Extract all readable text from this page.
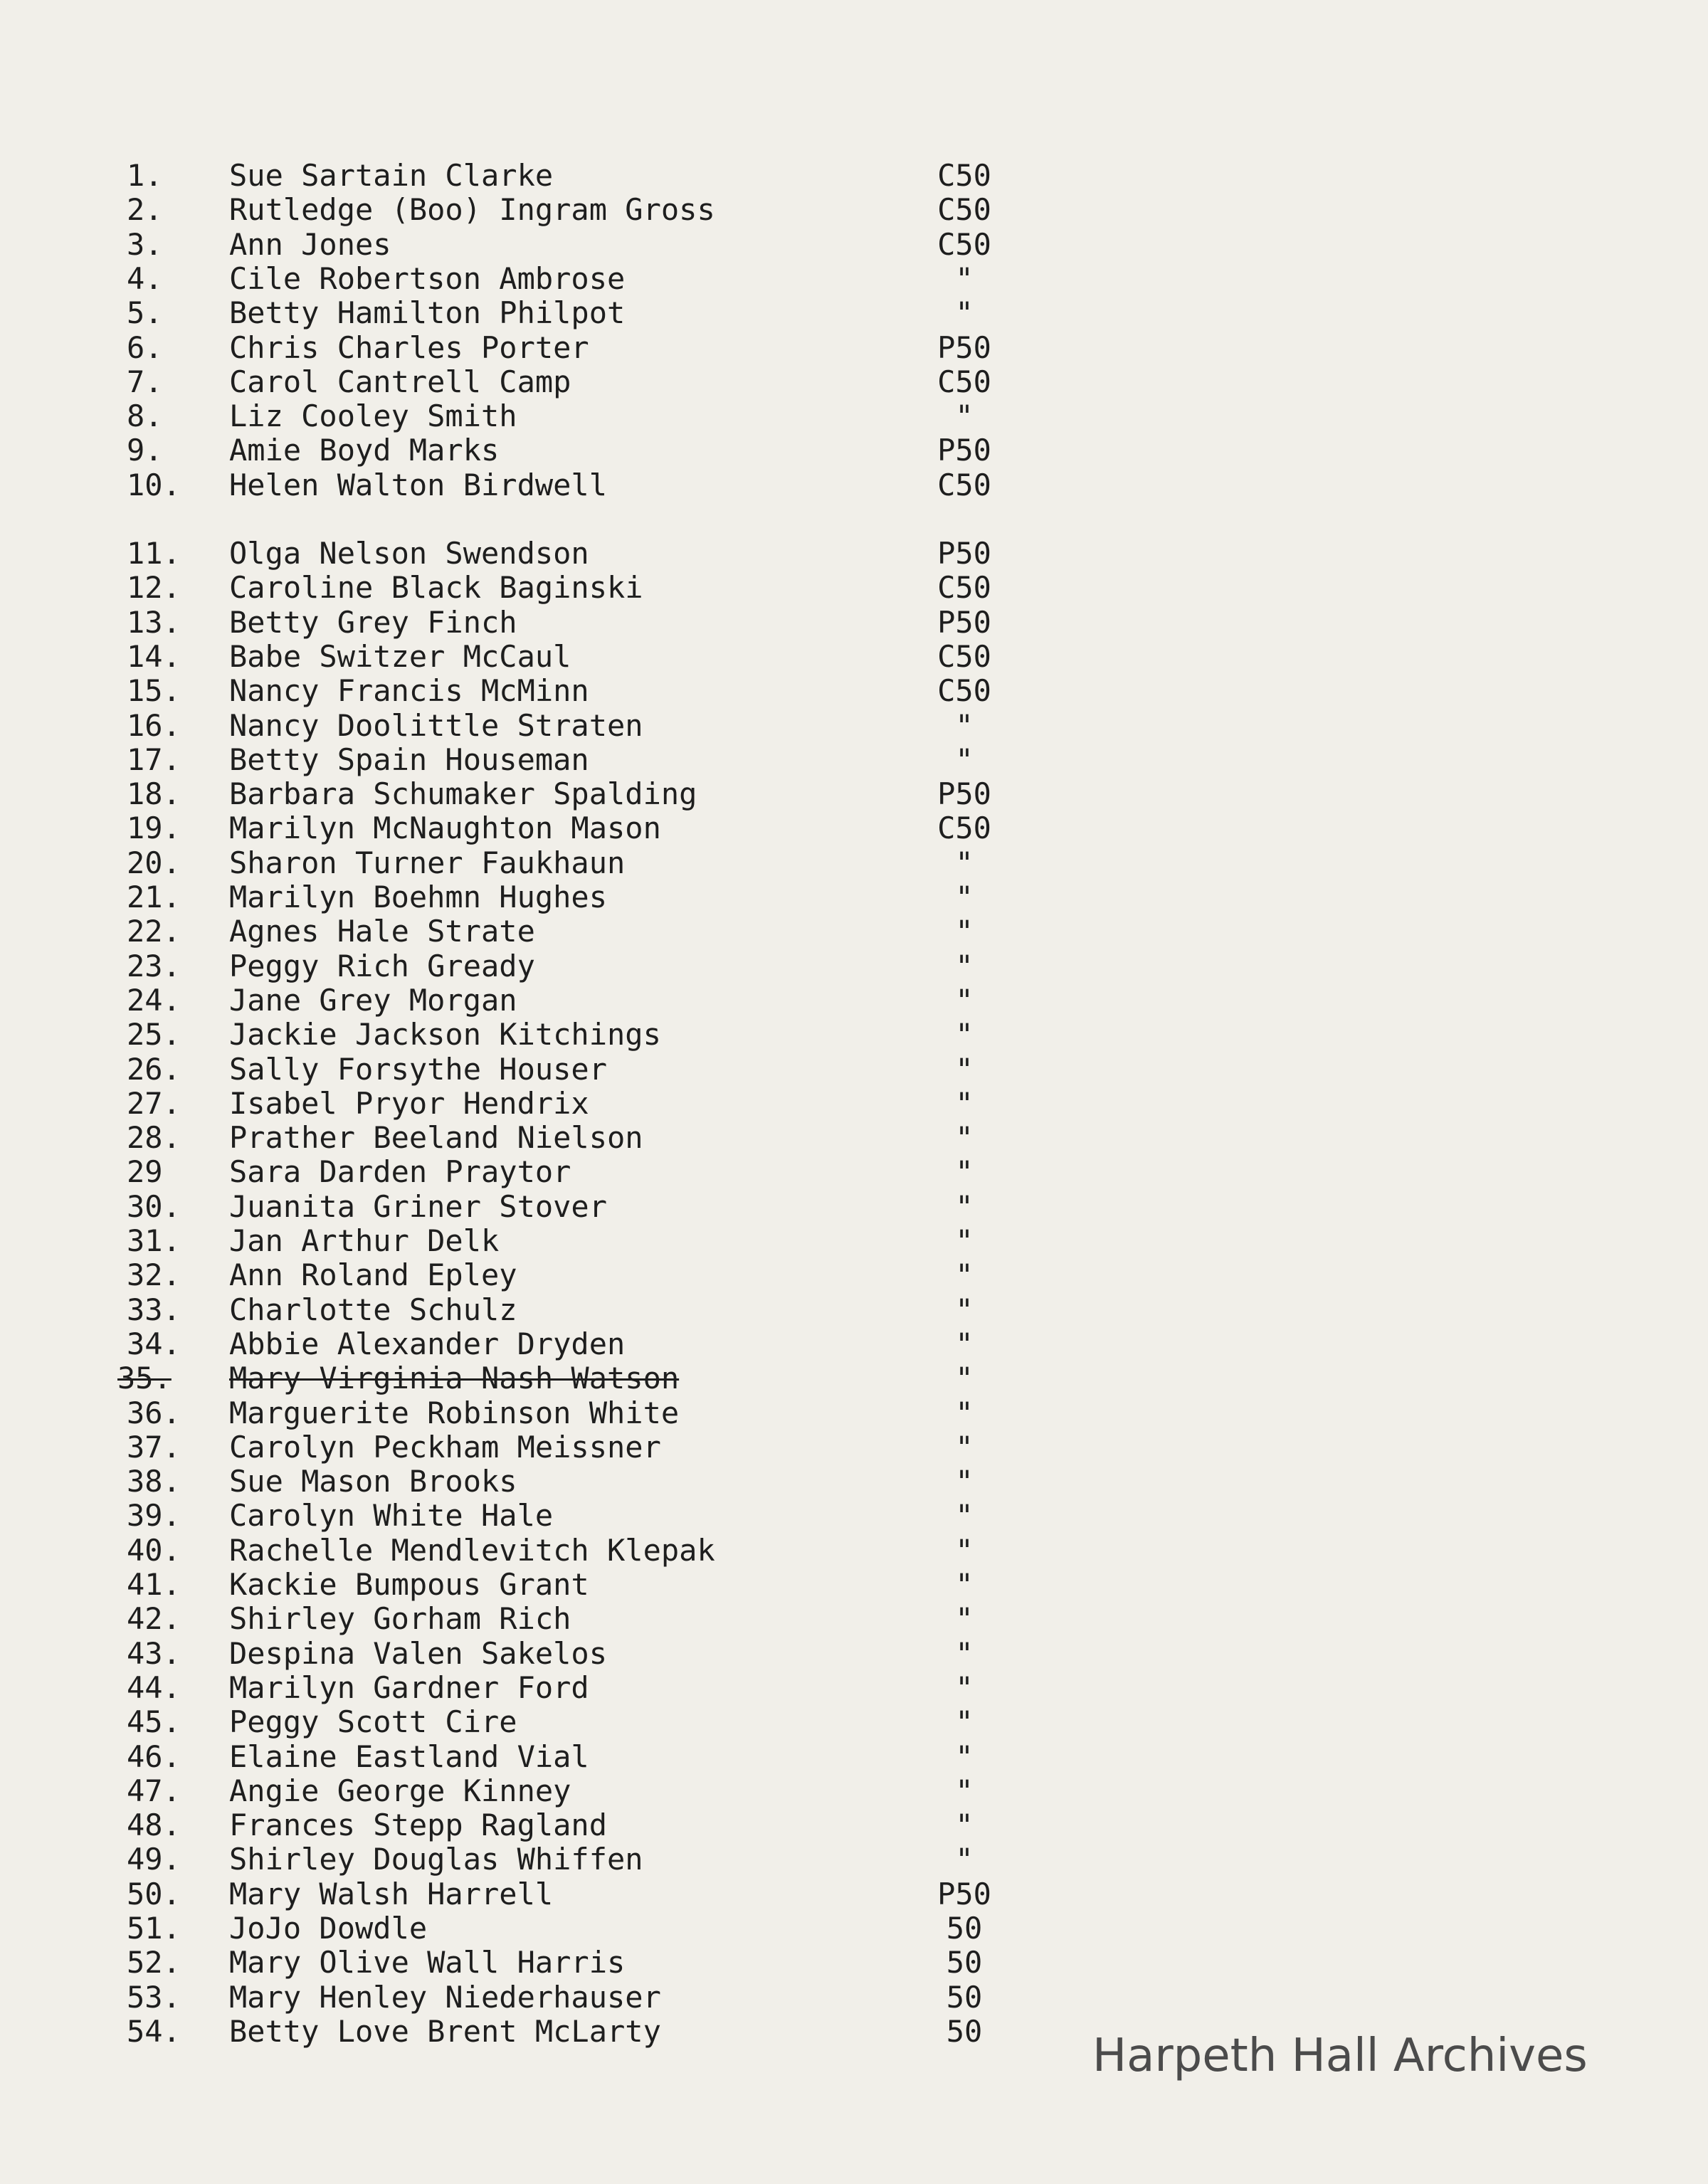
1.	Sue Sartain Clarke	C50
2.	Rutledge (Boo) Ingram Gross	C50
3.	Ann Jones	C50
4.	Cile Robertson Ambrose	"
5.	Betty Hamilton Philpot	"
6.	Chris Charles Porter	P50
7.	Carol Cantrell Camp	C50
8.	Liz Cooley Smith	"
9.	Amie Boyd Marks	P50
10.	Helen Walton Birdwell	C50
11.	Olga Nelson Swendson	P50
12.	Caroline Black Baginski	C50
13.	Betty Grey Finch	P50
14.	Babe Switzer McCaul	C50
15.	Nancy Francis McMinn	C50
16.	Nancy Doolittle Straten	"
17.	Betty Spain Houseman	"
18.	Barbara Schumaker Spalding	P50
19.	Marilyn McNaughton Mason	C50
20.	Sharon Turner Faukhaun	"
21.	Marilyn Boehmn Hughes	"
22.	Agnes Hale Strate	"
23.	Peggy Rich Gready	"
24.	Jane Grey Morgan	"
25.	Jackie Jackson Kitchings	"
26.	Sally Forsythe Houser	"
27.	Isabel Pryor Hendrix	"
28.	Prather Beeland Nielson	"
29	Sara Darden Praytor	"
30.	Juanita Griner Stover	"
31.	Jan Arthur Delk	"
32.	Ann Roland Epley	"
33.	Charlotte Schulz	"
34.	Abbie Alexander Dryden	"
35.	Mary Virginia Nash Watson	"
36.	Marguerite Robinson White	"
37.	Carolyn Peckham Meissner	"
38.	Sue Mason Brooks	"
39.	Carolyn White Hale	"
40.	Rachelle Mendlevitch Klepak	"
41.	Kackie Bumpous Grant	"
42.	Shirley Gorham Rich	"
43.	Despina Valen Sakelos	"
44.	Marilyn Gardner Ford	"
45.	Peggy Scott Cire	"
46.	Elaine Eastland Vial	"
47.	Angie George Kinney	"
48.	Frances Stepp Ragland	"
49.	Shirley Douglas Whiffen	"
50.	Mary Walsh Harrell	P50
51.	JoJo Dowdle	50
52.	Mary Olive Wall Harris	50
53.	Mary Henley Niederhauser	50
54.	Betty Love Brent McLarty	50	Harpeth Hall Archives
